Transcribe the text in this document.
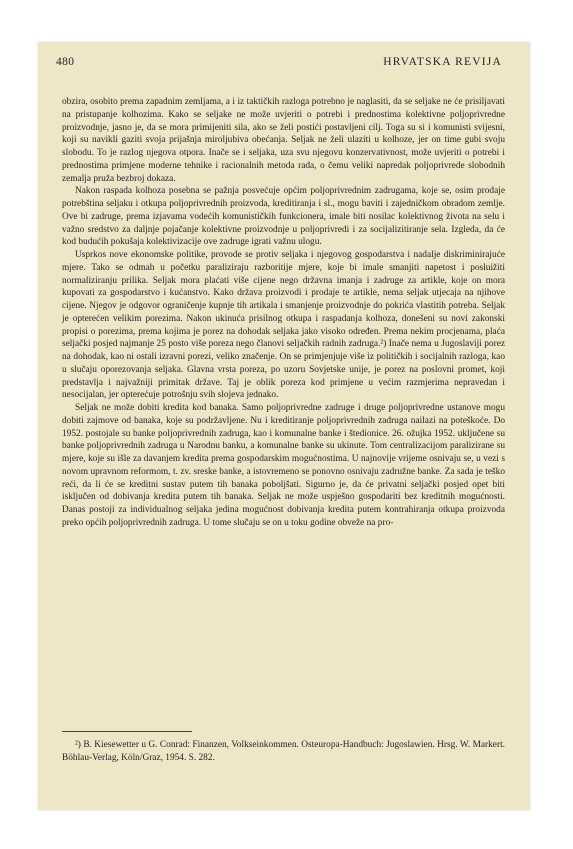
480	HRVATSKA REVIJA

obzira, osobito prema zapadnim zemljama, a i iz taktičkih razloga potrebno je naglasiti, da se seljake ne će prisiljavati na pristupanje kolhozima. Kako se seljake ne može uvjeriti o potrebi i prednostima kolektivne poljoprivredne proizvodnje, jasno je, da se mora primijeniti sila, ako se želi postići postavljeni cilj. Toga su si i komunisti svijesni, koji su navikli gaziti svoja prijašnja miroljubiva obećanja. Seljak ne želi ulaziti u kolhoze, jer on time gubi svoju slobodu. To je razlog njegova otpora. Inače se i seljaka, uza svu njegovu konzervativnost, može uvjeriti o potrebi i prednostima primjene moderne tehnike i racionalnih metoda rada, o čemu veliki napredak poljoprivrede slobodnih zemalja pruža bezbroj dokaza.

Nakon raspada kolhoza posebna se pažnja posvećuje općim poljoprivrednim zadrugama, koje se, osim prodaje potrebština seljaku i otkupa poljoprivrednih proizvoda, kreditiranja i sl., mogu baviti i zajedničkom obradom zemlje. Ove bi zadruge, prema izjavama vodećih komunističkih funkcionera, imale biti nosilac kolektivnog života na selu i važno sredstvo za daljnje pojačanje kolektivne proizvodnje u poljoprivredi i za socijalizitiranje sela. Izgleda, da će kod budućih pokušaja kolektivizacije ove zadruge igrati važnu ulogu.

Usprkos nove ekonomske politike, provode se protiv seljaka i njegovog gospodarstva i nadalje diskriminirajuće mjere. Tako se odmah u početku paraliziraju razboritije mjere, koje bi imale smanjiti napetost i posluižiti normaliziranju prilika. Seljak mora plaćati više cijene nego državna imanja i zadruge za artikle, koje on mora kupovati za gospodarstvo i kućanstvo. Kako država proizvodi i prodaje te artikle, nema seljak utjecaja na njihove cijene. Njegov je odgovor ograničenje kupnje tih artikala i smanjenje proizvodnje do pokrića vlastitih potreba. Seljak je opterećen velikim porezima. Nakon ukinuća prisilnog otkupa i raspadanja kolhoza, donešeni su novi zakonski propisi o porezima, prema kojima je porez na dohodak seljaka jako visoko određen. Prema nekim procjenama, plaća seljački posjed najmanje 25 posto više poreza nego članovi seljačkih radnih zadruga.²) Inače nema u Jugoslaviji porez na dohodak, kao ni ostali izravni porezi, veliko značenje. On se primjenjuje više iz političkih i socijalnih razloga, kao u slučaju oporezovanja seljaka. Glavna vrsta poreza, po uzoru Sovjetske unije, je porez na poslovni promet, koji predstavlja i najvažniji primitak države. Taj je oblik poreza kod primjene u većim razmjerima nepravedan i nesocijalan, jer opterećuje potrošnju svih slojeva jednako.

Seljak ne može dobiti kredita kod banaka. Samo poljoprivredne zadruge i druge poljoprivredne ustanove mogu dobiti zajmove od banaka, koje su podržavljene. Nu i kreditiranje poljoprivrednih zadruga nailazi na poteškoće. Do 1952. postojale su banke poljoprivrednih zadruga, kao i komunalne banke i štedionice. 26. ožujka 1952. uključene su banke poljoprivrednih zadruga u Narodnu banku, a komunalne banke su ukinute. Tom centralizacijom paralizirane su mjere, koje su išle za davanjem kredita prema gospodarskim mogućnostima. U najnovije vrijeme osnivaju se, u vezi s novom upravnom reformom, t. zv. sreske banke, a istovremeno se ponovno osnivaju zadružne banke. Za sada je teško reći, da li će se kreditni sustav putem tih banaka poboljšati. Sigurno je, da će privatni seljački posjed opet biti isključen od dobivanja kredita putem tih banaka. Seljak ne može uspješno gospodariti bez kreditnih mogućnosti. Danas postoji za individualnog seljaka jedina mogućnost dobivanja kredita putem kontrahiranja otkupa proizvoda preko općih poljoprivrednih zadruga. U tome slučaju se on u toku godine obveže na pro-

²) B. Kiesewetter u G. Conrad: Finanzen, Volkseinkommen. Osteuropa-Handbuch: Jugoslawien. Hrsg. W. Markert. Böhlau-Verlag, Köln/Graz, 1954. S. 282.
